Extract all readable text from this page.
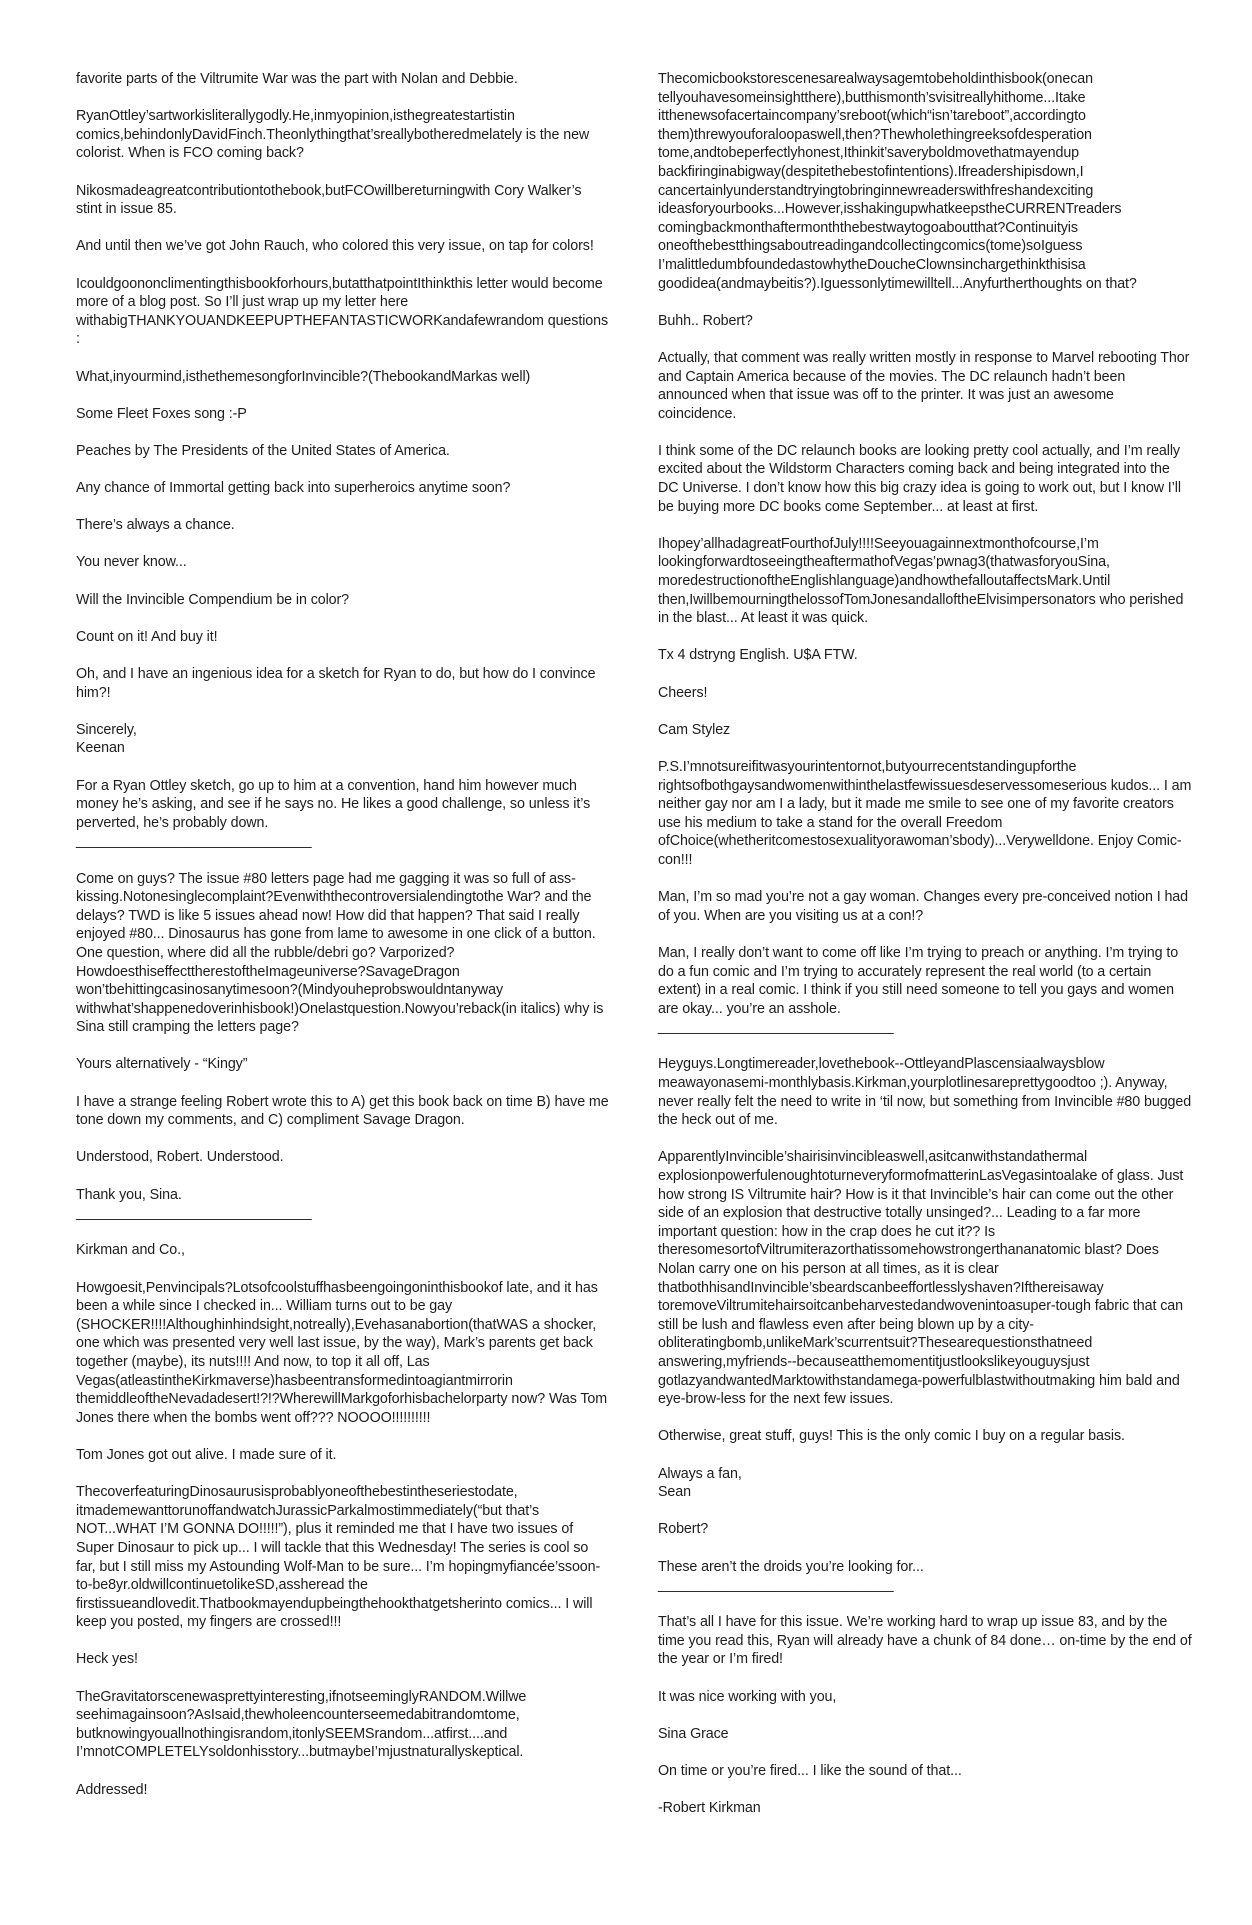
favorite parts of the Viltrumite War was the part with Nolan and Debbie.

RyanOttley’sartworkisliterallygodly.He,inmyopinion,isthegreatestartistin comics,behindonlyDavidFinch.Theonlythingthat’sreallybotheredmelately is the new colorist. When is FCO coming back?

Nikosmadeagreatcontributiontothebook,butFCOwillbereturningwith Cory Walker’s stint in issue 85.

And until then we’ve got John Rauch, who colored this very issue, on tap for colors!

Icouldgoononclimentingthisbookforhours,butatthatpointIthinkthis letter would become more of a blog post. So I’ll just wrap up my letter here withabigTHANKYOUANDKEEPUPTHEFANTASTICWORKandafewrandom questions :

What,inyourmind,isthethemesongforInvincible?(ThebookandMarkas well)

Some Fleet Foxes song :-P

Peaches by The Presidents of the United States of America.

Any chance of Immortal getting back into superheroics anytime soon?

There’s always a chance.

You never know...

Will the Invincible Compendium be in color?

Count on it! And buy it!

Oh, and I have an ingenious idea for a sketch for Ryan to do, but how do I convince him?!

Sincerely,
Keenan

For a Ryan Ottley sketch, go up to him at a convention, hand him however much money he’s asking, and see if he says no. He likes a good challenge, so unless it’s perverted, he’s probably down.
______________________________

Come on guys? The issue #80 letters page had me gagging it was so full of ass-kissing.Notonesinglecomplaint?Evenwiththecontroversialendingtothe War? and the delays? TWD is like 5 issues ahead now! How did that happen? That said I really enjoyed #80... Dinosaurus has gone from lame to awesome in one click of a button. One question, where did all the rubble/debri go? Varporized?HowdoesthiseffecttherestoftheImageuniverse?SavageDragon won’tbehittingcasinosanytimesoon?(Mindyouheprobswouldntanyway withwhat’shappenedoverinhisbook!)Onelastquestion.Nowyou’reback(in italics) why is Sina still cramping the letters page?

Yours alternatively - “Kingy”

I have a strange feeling Robert wrote this to A) get this book back on time B) have me tone down my comments, and C) compliment Savage Dragon.

Understood, Robert. Understood.

Thank you, Sina.
______________________________

Kirkman and Co.,

Howgoesit,Penvincipals?Lotsofcoolstuffhasbeengoingoninthisbookof late, and it has been a while since I checked in... William turns out to be gay (SHOCKER!!!!Althoughinhindsight,notreally),Evehasanabortion(thatWAS a shocker, one which was presented very well last issue, by the way), Mark’s parents get back together (maybe), its nuts!!!! And now, to top it all off, Las Vegas(atleastintheKirkmaverse)hasbeentransformedintoagiantmirrorin themiddleoftheNevadadesert!?!?WherewillMarkgoforhisbachelorparty now? Was Tom Jones there when the bombs went off??? NOOOO!!!!!!!!!!

Tom Jones got out alive. I made sure of it.

ThecoverfeaturingDinosaurusisprobablyoneofthebestintheseriestodate, itmademewanttorunoffandwatchJurassicParkalmostimmediately(“but that’s NOT...WHAT I’M GONNA DO!!!!!”), plus it reminded me that I have two issues of Super Dinosaur to pick up... I will tackle that this Wednesday! The series is cool so far, but I still miss my Astounding Wolf-Man to be sure... I’m hopingmyfiancée’ssoon-to-be8yr.oldwillcontinuetolikeSD,assheread the firstissueandlovedit.Thatbookmayendupbeingthehookthatgetsherinto comics... I will keep you posted, my fingers are crossed!!!

Heck yes!

TheGravitatorscenewasprettyinteresting,ifnotseeminglyRANDOM.Willwe seehimagainsoon?AsIsaid,thewholeencounterseemedabitrandomtome, butknowingyouallnothingisrandom,itonlySEEMSrandom...atfirst....and I’mnotCOMPLETELYsoldonhisstory...butmaybeI’mjustnaturallyskeptical.

Addressed!

Thecomicbookstorescenesarealwaysagemtobeholdinthisbook(onecan tellyouhavesomeinsightthere),butthismonth’svisitreallyhithome...Itake itthenewsofacertaincompany’sreboot(which“isn’tareboot”,accordingto them)threwyouforaloopaswell,then?Thewholethingreeksofdesperation tome,andtobeperfectlyhonest,Ithinkit’saveryboldmovethatmayendup backfiringinabigway(despitethebestofintentions).Ifreadershipisdown,I cancertainlyunderstandtryingtobringinnewreaderswithfreshandexciting ideasforyourbooks...However,isshakingupwhatkeepstheCURRENTreaders comingbackmonthaftermonththebestwaytogoaboutthat?Continuityis oneofthebestthingsaboutreadingandcollectingcomics(tome)soIguess I’malittledumbfoundedastowhytheDoucheClownsinchargethinkthisisa goodidea(andmaybeitis?).Iguessonlytimewilltell...Anyfurtherthoughts on that?

Buhh.. Robert?

Actually, that comment was really written mostly in response to Marvel rebooting Thor and Captain America because of the movies. The DC relaunch hadn’t been announced when that issue was off to the printer. It was just an awesome coincidence.

I think some of the DC relaunch books are looking pretty cool actually, and I’m really excited about the Wildstorm Characters coming back and being integrated into the DC Universe. I don’t know how this big crazy idea is going to work out, but I know I’ll be buying more DC books come September... at least at first.

Ihopey’allhadagreatFourthofJuly!!!!Seeyouagainnextmonthofcourse,I’m lookingforwardtoseeingtheaftermathofVegas’pwnag3(thatwasforyouSina, moredestructionoftheEnglishlanguage)andhowthefalloutaffectsMark.Until then,IwillbemourningthelossofTomJonesandalloftheElvisimpersonators who perished in the blast... At least it was quick.

Tx 4 dstryng English. U$A FTW.

Cheers!

Cam Stylez

P.S.I’mnotsureifitwasyourintentornot,butyourrecentstandingupforthe rightsofbothgaysandwomenwithinthelastfewissuesdeservessomeserious kudos... I am neither gay nor am I a lady, but it made me smile to see one of my favorite creators use his medium to take a stand for the overall Freedom ofChoice(whetheritcomestosexualityorawoman’sbody)...Verywelldone. Enjoy Comic-con!!!

Man, I’m so mad you’re not a gay woman. Changes every pre-conceived notion I had of you. When are you visiting us at a con!?

Man, I really don’t want to come off like I’m trying to preach or anything. I’m trying to do a fun comic and I’m trying to accurately represent the real world (to a certain extent) in a real comic. I think if you still need someone to tell you gays and women are okay... you’re an asshole.
______________________________

Heyguys.Longtimereader,lovethebook--OttleyandPlascensiaalwaysblow meawayonasemi-monthlybasis.Kirkman,yourplotlinesareprettygoodtoo ;). Anyway, never really felt the need to write in ‘til now, but something from Invincible #80 bugged the heck out of me.

ApparentlyInvincible’shairisinvincibleaswell,asitcanwithstandathermal explosionpowerfulenoughtoturneveryformofmatterinLasVegasintoalake of glass. Just how strong IS Viltrumite hair? How is it that Invincible’s hair can come out the other side of an explosion that destructive totally unsinged?... Leading to a far more important question: how in the crap does he cut it?? Is theresomesortofViltrumiterazorthatissomehowstrongerthananatomic blast? Does Nolan carry one on his person at all times, as it is clear thatbothhisandInvincible’sbeardscanbeeffortlesslyshaven?Ifthereisaway toremoveViltrumitehairsoitcanbeharvestedandwovenintoasuper-tough fabric that can still be lush and flawless even after being blown up by a city-obliteratingbomb,unlikeMark’scurrentsuit?Thesearequestionsthatneed answering,myfriends--becauseatthemomentitjustlookslikeyouguysjust gotlazyandwantedMarktowithstandamega-powerfulblastwithoutmaking him bald and eye-brow-less for the next few issues.

Otherwise, great stuff, guys! This is the only comic I buy on a regular basis.

Always a fan,
Sean

Robert?

These aren’t the droids you’re looking for...
______________________________

That’s all I have for this issue. We’re working hard to wrap up issue 83, and by the time you read this, Ryan will already have a chunk of 84 done… on-time by the end of the year or I’m fired!

It was nice working with you,

Sina Grace

On time or you’re fired... I like the sound of that...

-Robert Kirkman
